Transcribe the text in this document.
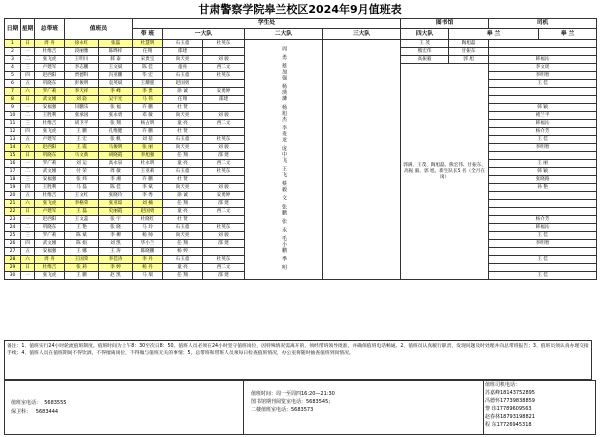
甘肃警察学院皋兰校区2024年9月值班表
日期	星期	总带班	值班员		学生处					图书馆		司机		
					带 班	一大队		二大队	三大队	四大队	皋 兰		皋 兰	
1	日	周 舟	徐永红	张磊	杜慧明	石玉童	杜英东	周 勇 蔡加强 杨瑛璘 杨旭杰 李贵龙 庞中飞 王飞 蔡毅 文 张鹏 张 永 毛小鹏 季 明		王 茂	陶旭磊		
2	一	杜维吉	段丽雅	陈晔梓	任翔	邵建				熊宏伟	甘振东		
3	二	张飞虎	王明川	郝 泰	宋贵宝	尚天亮	刘 骏			高振毅	郭 旭	韩福沁	
4	三	卢建军	李志鹏	王文斌	陈 佳	童亮	西二文			郭满、王茂、陶旭磊、熊宏伟、甘振东、高振 毅、郭 旭、新生队长5 名（全月在岗）		李文瑶	
5	四	赵西阳	贾德科	冯亚鹏	毕 宏	石玉童	杜英东					李明智	
6	五	巩晓东	彭俊明	袁英斌	王耀霆	赵国勇						王 佳	
7	六	罗广莉	李天祥	李 峰	李 贵	徐 诚	安勇婷		
8	日	武文刚	刘 骁	吴宇光	马 伟	任翔	邵建		
9	一	安福强	闫鹏乐	张 福	许 鹏	杜 贤						韩 颖	
10	二	王胜利	张承国	张永勇	邓 敏	尚天亮	刘 骏					褚兰平	
11	三	杜维吉	胡卫平	张 翔	杨占明	童 亮	西二文					韩福沁	
12	四	张飞虎	王 鹏	孔维健	许 鹏	杜 贤						杨介芳	
13	五	卢建军	王 宏	张 帆	刘 蓓	石玉童	杜英东					王 佳	
14	六	赵西阳	王 霞	马俊明	张 丽	尚天亮	刘 骏					李明智	
15	日	巩晓东	马文新	胡晓霞	李旭强	任 翔	邵 建		
16	一	罗广莉	刘 运	高永泉	杜永明	童 亮	西二文					王 丽	
17	二	武文刚	付 荣	周 敏	王亚莉	石玉童	杜英东					韩 颖	
18	三	安福强	张 炜	李 湘	许 鹏	杜 贤						张晓路	
19	四	王胜利	马 磊	陈 佳	李 斌	尚天亮	刘 骏					孙 艳	
20	五	杜维吉	王文红	张晓玲	李 秀	徐 诚	安勇婷		
21	六	张飞虎	李格荣	张亚琼	刘 楠	任 翔	邵 建		
22	日	卢建军	王 磊	史丽霞	赵国勇	童 亮	西二文		
23	一	赵西阳	王文蕊	张 宇	杜晓红	杜 贤						杨介芳	
24	二	巩晓东	王 艳	张 晓	马 玲	石玉童	杜英东					韩福沁	
25	三	罗广莉	陈 斌	李 柳	杨 帅	尚天亮	刘 骏					王 佳	
26	四	武文刚	陈 娟	刘 凯	华小兰	任 翔	邵 建					李明智	
27	五	安福强	王 娜	王 涛	陈晓鹏	杨 婷			
28	六	周 舟	王国荣	李佳涛	李 丹	石玉童	杜英东					王 佳	
29	日	杜维吉	张 莉	李 婷	杨 丹	童 亮	西二文		
30	一	张飞虎	王 鹏	赵 凯	马 瑞	任 翔	邵 建					王 佳	
备注：1、值班实行24小时轮流值班制度。值班时间为上午8：30至次日8：50。值班人员必须在24小时坚守值班岗位，因特殊情况需离开的，须经带班领导批准，并确保值班电话畅通。2、值班员认真履行职责，发现问题及时处理并向总带班报告；3、值班员须认真办理交接手续；4、值班人员在值班期间不得饮酒，不得擅离岗位，不得做与值班无关的事情；5、总带班和带班人员须每日检查值班情况，办公室将随时抽查值班到岗情况。
值班室电话： 5683555
保卫科： 5683444
值班时间：周一至周四16:20—21:30
图书馆期刊阅览室电话：5683545；
二楼值班室电话：5683573
值班司机电话：
苏嘉峰18143752895
冯德怀17739838859
黎 玮17789609563
赵春林18793198821
程 东17726945318
